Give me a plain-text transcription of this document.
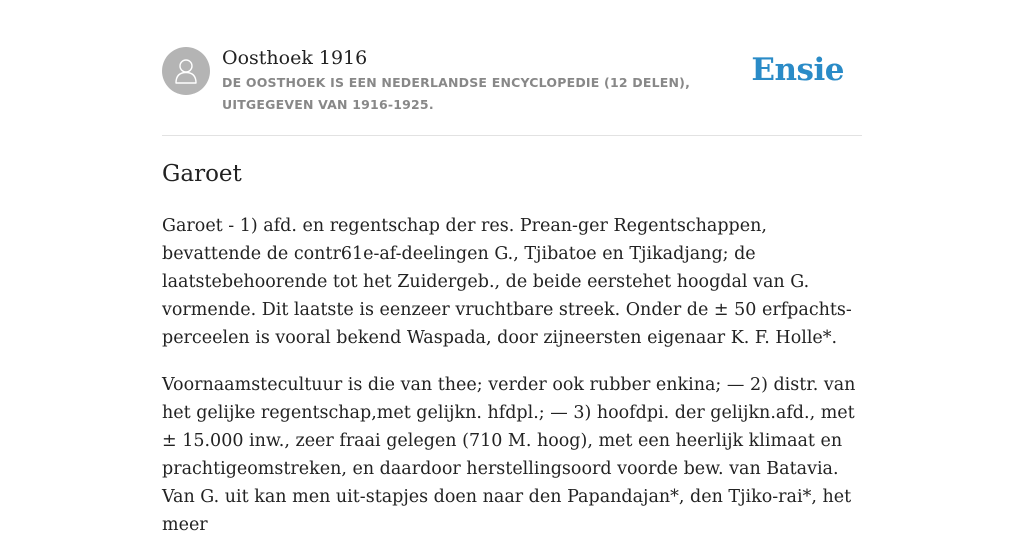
Oosthoek 1916
DE OOSTHOEK IS EEN NEDERLANDSE ENCYCLOPEDIE (12 DELEN), UITGEGEVEN VAN 1916-1925.
Ensie
Garoet

Garoet - 1) afd. en regentschap der res. Prean-ger Regentschappen, bevattende de contr61e-af-deelingen G., Tjibatoe en Tjikadjang; de laatstebehoorende tot het Zuidergeb., de beide eerstehet hoogdal van G. vormende. Dit laatste is eenzeer vruchtbare streek. Onder de ± 50 erfpachts-perceelen is vooral bekend Waspada, door zijneersten eigenaar K. F. Holle*.

Voornaamstecultuur is die van thee; verder ook rubber enkina; — 2) distr. van het gelijke regentschap,met gelijkn. hfdpl.; — 3) hoofdpi. der gelijkn.afd., met ± 15.000 inw., zeer fraai gelegen (710 M. hoog), met een heerlijk klimaat en prachtigeomstreken, en daardoor herstellingsoord voorde bew. van Batavia. Van G. uit kan men uit-stapjes doen naar den Papandajan*, den Tjiko-rai*, het meer
